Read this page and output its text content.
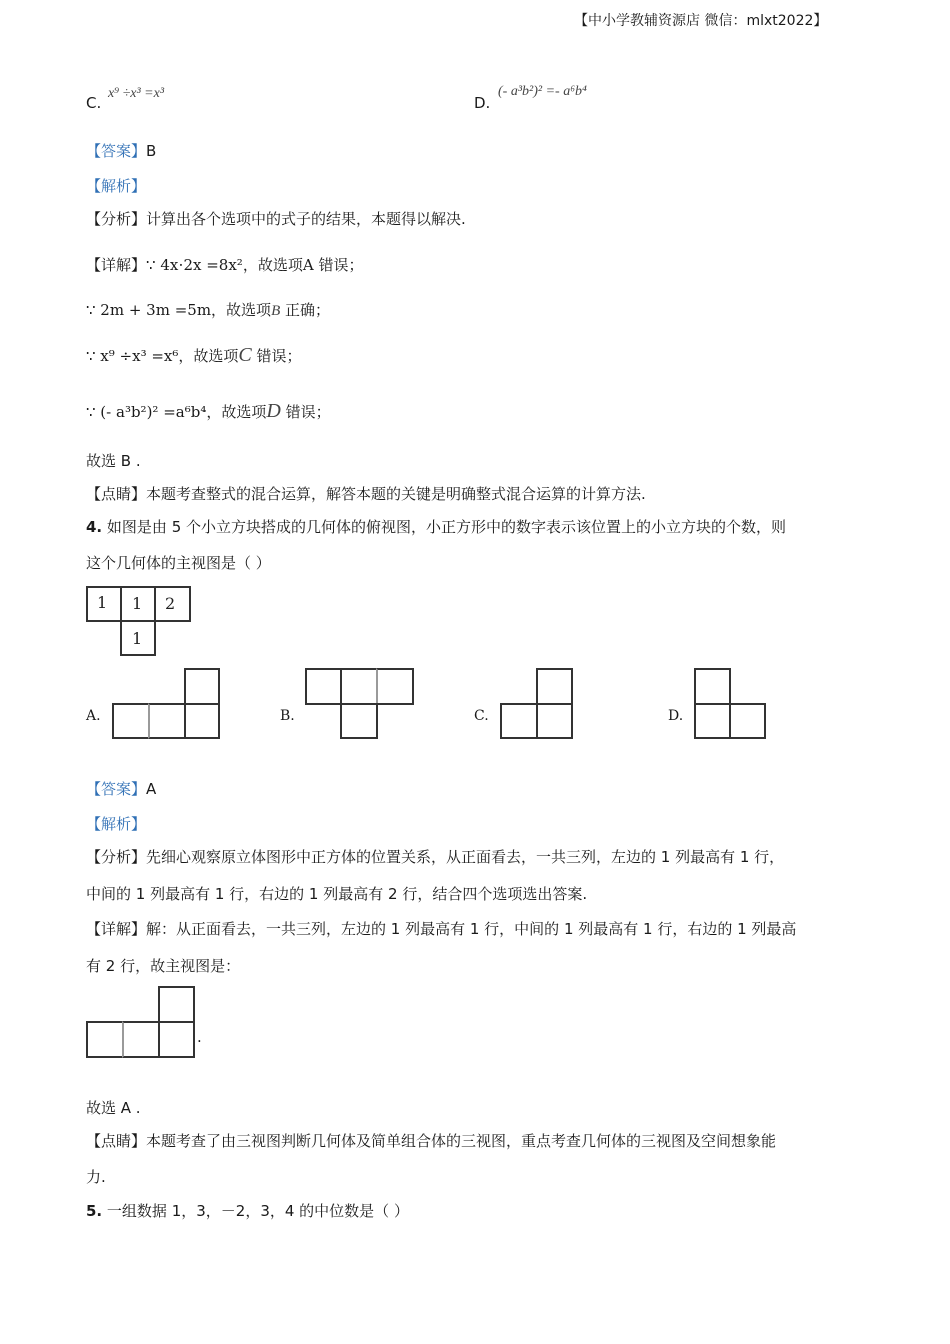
【中小学教辅资源店 微信：mlxt2022】
C.
x⁹ ÷x³ =x³
D.
(- a³b²)² =- a⁶b⁴
【答案】B
【解析】
【分析】计算出各个选项中的式子的结果，本题得以解决.
【详解】∵ 4x⋅2x =8x²，故选项A 错误；
∵ 2m + 3m =5m，故选项B 正确；
∵ x⁹ ÷x³ =x⁶，故选项C 错误；
∵ (- a³b²)² =a⁶b⁴，故选项D 错误；
故选 B .
【点睛】本题考查整式的混合运算，解答本题的关键是明确整式混合运算的计算方法.
4. 如图是由 5 个小立方块搭成的几何体的俯视图，小正方形中的数字表示该位置上的小立方块的个数，则
这个几何体的主视图是（ ）
1 1 2
1
A.	B.	C.	D.
【答案】A
【解析】
【分析】先细心观察原立体图形中正方体的位置关系，从正面看去，一共三列，左边的 1 列最高有 1 行，
中间的 1 列最高有 1 行，右边的 1 列最高有 2 行，结合四个选项选出答案.
【详解】解：从正面看去，一共三列，左边的 1 列最高有 1 行，中间的 1 列最高有 1 行，右边的 1 列最高
有 2 行，故主视图是：
.
故选 A .
【点睛】本题考查了由三视图判断几何体及简单组合体的三视图，重点考查几何体的三视图及空间想象能
力.
5. 一组数据 1，3，－2，3，4 的中位数是（ ）
